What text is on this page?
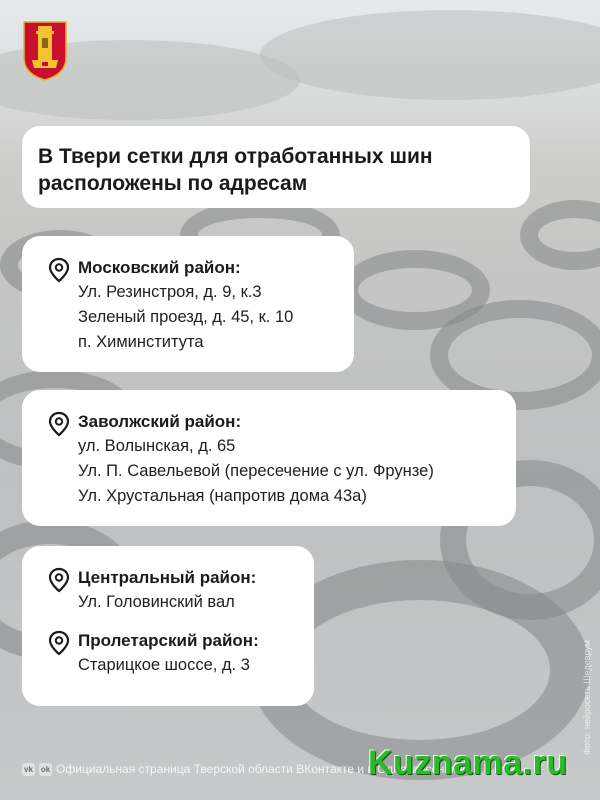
В Твери сетки для отработанных шин расположены по адресам

Московский район:
Ул. Резинстроя, д. 9, к.3
Зеленый проезд, д. 45, к. 10
п. Химинститута
Заволжский район:
ул. Волынская, д. 65
Ул. П. Савельевой (пересечение с ул. Фрунзе)
Ул. Хрустальная (напротив дома 43а)
Центральный район:
Ул. Головинский вал
Пролетарский район:
Старицкое шоссе, д. 3
vk ok Официальная страница Тверской области ВКонтакте и в Одноклассниках
Фото: нейросеть Шедеврум
Kuznama.ru
